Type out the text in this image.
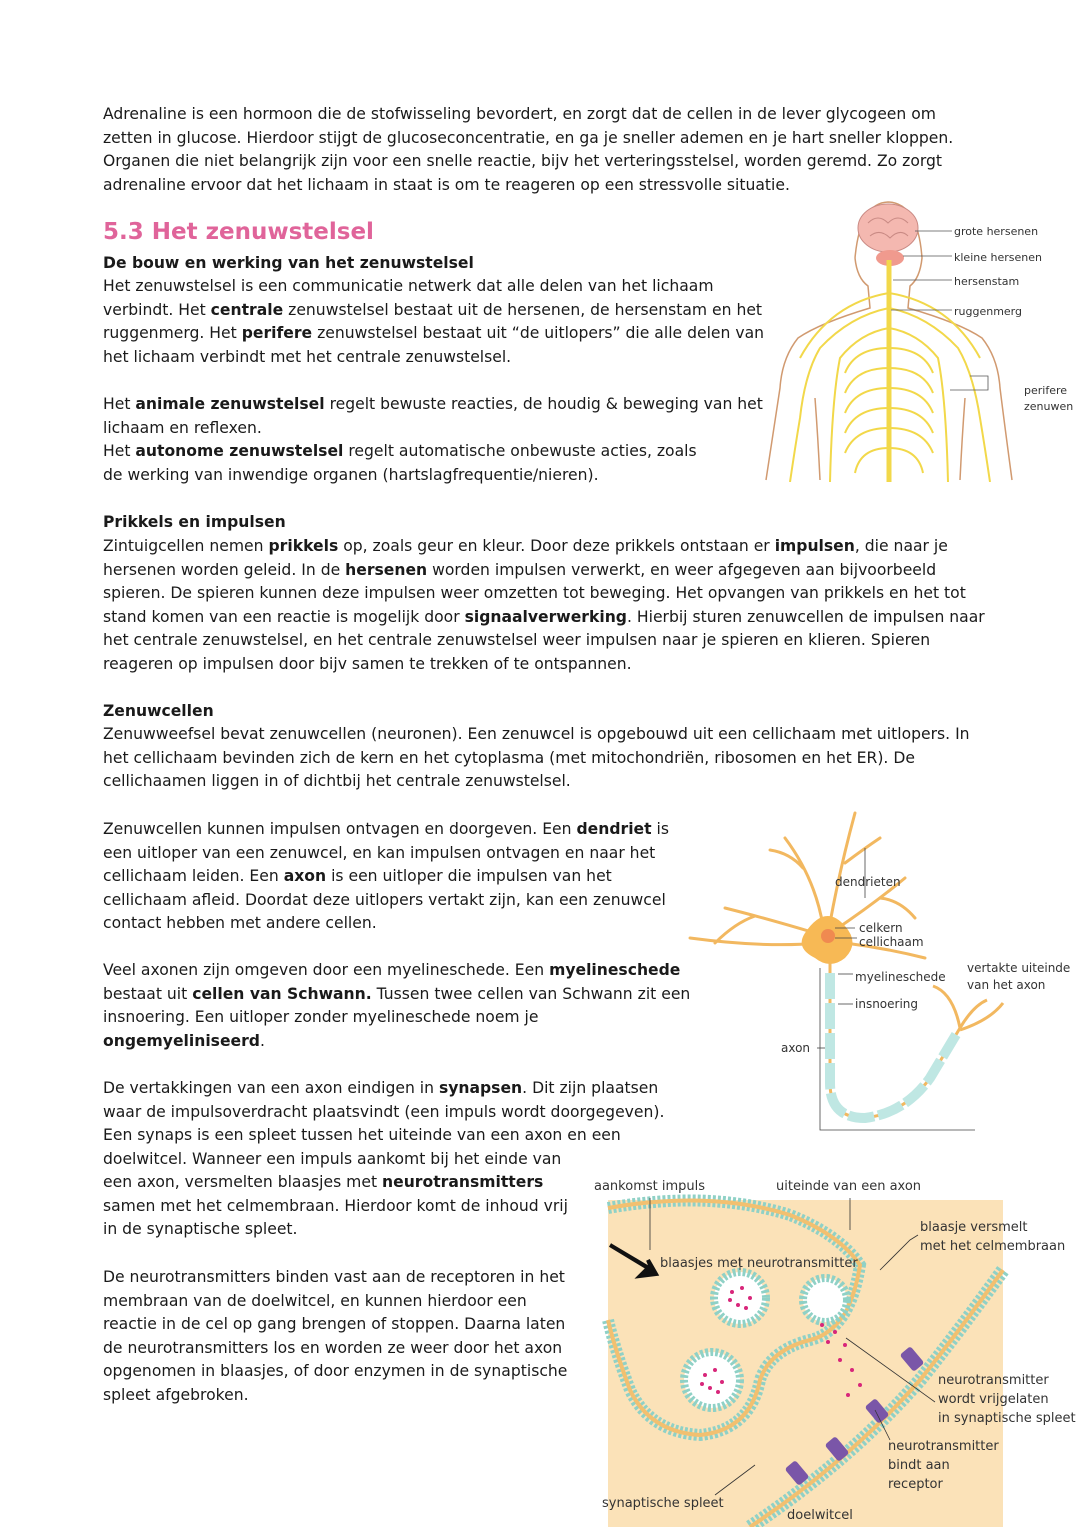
Adrenaline is een hormoon die de stofwisseling bevordert, en zorgt dat de cellen in de lever glycogeen om
zetten in glucose. Hierdoor stijgt de glucoseconcentratie, en ga je sneller ademen en je hart sneller kloppen.
Organen die niet belangrijk zijn voor een snelle reactie, bijv het verteringsstelsel, worden geremd. Zo zorgt
adrenaline ervoor dat het lichaam in staat is om te reageren op een stressvolle situatie.

5.3 Het zenuwstelsel
De bouw en werking van het zenuwstelsel

Het zenuwstelsel is een communicatie netwerk dat alle delen van het lichaam
verbindt. Het centrale zenuwstelsel bestaat uit de hersenen, de hersenstam en het
ruggenmerg. Het perifere zenuwstelsel bestaat uit “de uitlopers” die alle delen van
het lichaam verbindt met het centrale zenuwstelsel.

Het animale zenuwstelsel regelt bewuste reacties, de houdig & beweging van het
lichaam en reflexen.
Het autonome zenuwstelsel regelt automatische onbewuste acties, zoals
de werking van inwendige organen (hartslagfrequentie/nieren).

Prikkels en impulsen

Zintuigcellen nemen prikkels op, zoals geur en kleur. Door deze prikkels ontstaan er impulsen, die naar je
hersenen worden geleid. In de hersenen worden impulsen verwerkt, en weer afgegeven aan bijvoorbeeld
spieren. De spieren kunnen deze impulsen weer omzetten tot beweging. Het opvangen van prikkels en het tot
stand komen van een reactie is mogelijk door signaalverwerking. Hierbij sturen zenuwcellen de impulsen naar
het centrale zenuwstelsel, en het centrale zenuwstelsel weer impulsen naar je spieren en klieren. Spieren
reageren op impulsen door bijv samen te trekken of te ontspannen.

Zenuwcellen

Zenuwweefsel bevat zenuwcellen (neuronen). Een zenuwcel is opgebouwd uit een cellichaam met uitlopers. In
het cellichaam bevinden zich de kern en het cytoplasma (met mitochondriën, ribosomen en het ER). De
cellichaamen liggen in of dichtbij het centrale zenuwstelsel.

Zenuwcellen kunnen impulsen ontvagen en doorgeven. Een dendriet is
een uitloper van een zenuwcel, en kan impulsen ontvagen en naar het
cellichaam leiden. Een axon is een uitloper die impulsen van het
cellichaam afleid. Doordat deze uitlopers vertakt zijn, kan een zenuwcel
contact hebben met andere cellen.

Veel axonen zijn omgeven door een myelineschede. Een myelineschede
bestaat uit cellen van Schwann. Tussen twee cellen van Schwann zit een
insnoering. Een uitloper zonder myelineschede noem je
ongemyeliniseerd.

De vertakkingen van een axon eindigen in synapsen. Dit zijn plaatsen
waar de impulsoverdracht plaatsvindt (een impuls wordt doorgegeven).
Een synaps is een spleet tussen het uiteinde van een axon en een
doelwitcel. Wanneer een impuls aankomt bij het einde van
een axon, versmelten blaasjes met neurotransmitters
samen met het celmembraan. Hierdoor komt de inhoud vrij
in de synaptische spleet.

De neurotransmitters binden vast aan de receptoren in het
membraan van de doelwitcel, en kunnen hierdoor een
reactie in de cel op gang brengen of stoppen. Daarna laten
de neurotransmitters los en worden ze weer door het axon
opgenomen in blaasjes, of door enzymen in de synaptische
spleet afgebroken.

grote hersenen
kleine hersenen
hersenstam
ruggenmerg
perifere
zenuwen
dendrieten
celkern
cellichaam
myelineschede
insnoering
axon
vertakte uiteinde
van het axon
aankomst impuls	uiteinde van een axon
blaasje versmelt
met het celmembraan
blaasjes met neurotransmitter
neurotransmitter
wordt vrijgelaten
in synaptische spleet
neurotransmitter
bindt aan
receptor
synaptische spleet
doelwitcel
